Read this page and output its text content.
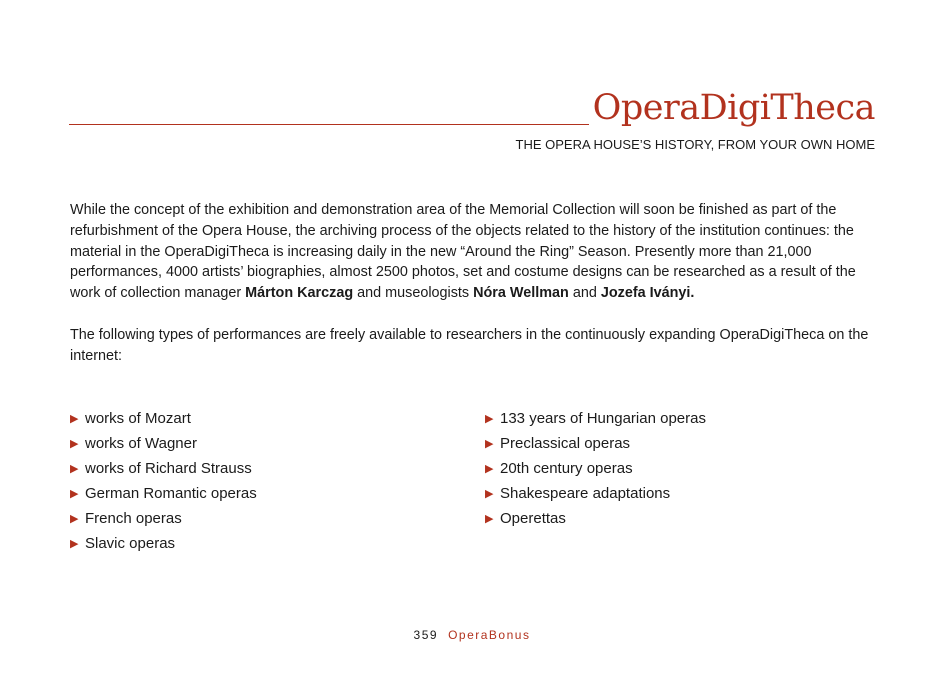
OperaDigiTheca
THE OPERA HOUSE’S HISTORY, FROM YOUR OWN HOME

While the concept of the exhibition and demonstration area of the Memorial Collection will soon be finished as part of the refurbishment of the Opera House, the archiving process of the objects related to the history of the institution continues: the material in the OperaDigiTheca is increasing daily in the new “Around the Ring” Season. Presently more than 21,000 performances, 4000 artists’ biographies, almost 2500 photos, set and costume designs can be researched as a result of the work of collection manager Márton Karczag and museologists Nóra Wellman and Jozefa Iványi.

The following types of performances are freely available to researchers in the continuously expanding OperaDigiTheca on the internet:

▶ works of Mozart
▶ works of Wagner
▶ works of Richard Strauss
▶ German Romantic operas
▶ French operas
▶ Slavic operas
▶ 133 years of Hungarian operas
▶ Preclassical operas
▶ 20th century operas
▶ Shakespeare adaptations
▶ Operettas
359 OperaBonus
